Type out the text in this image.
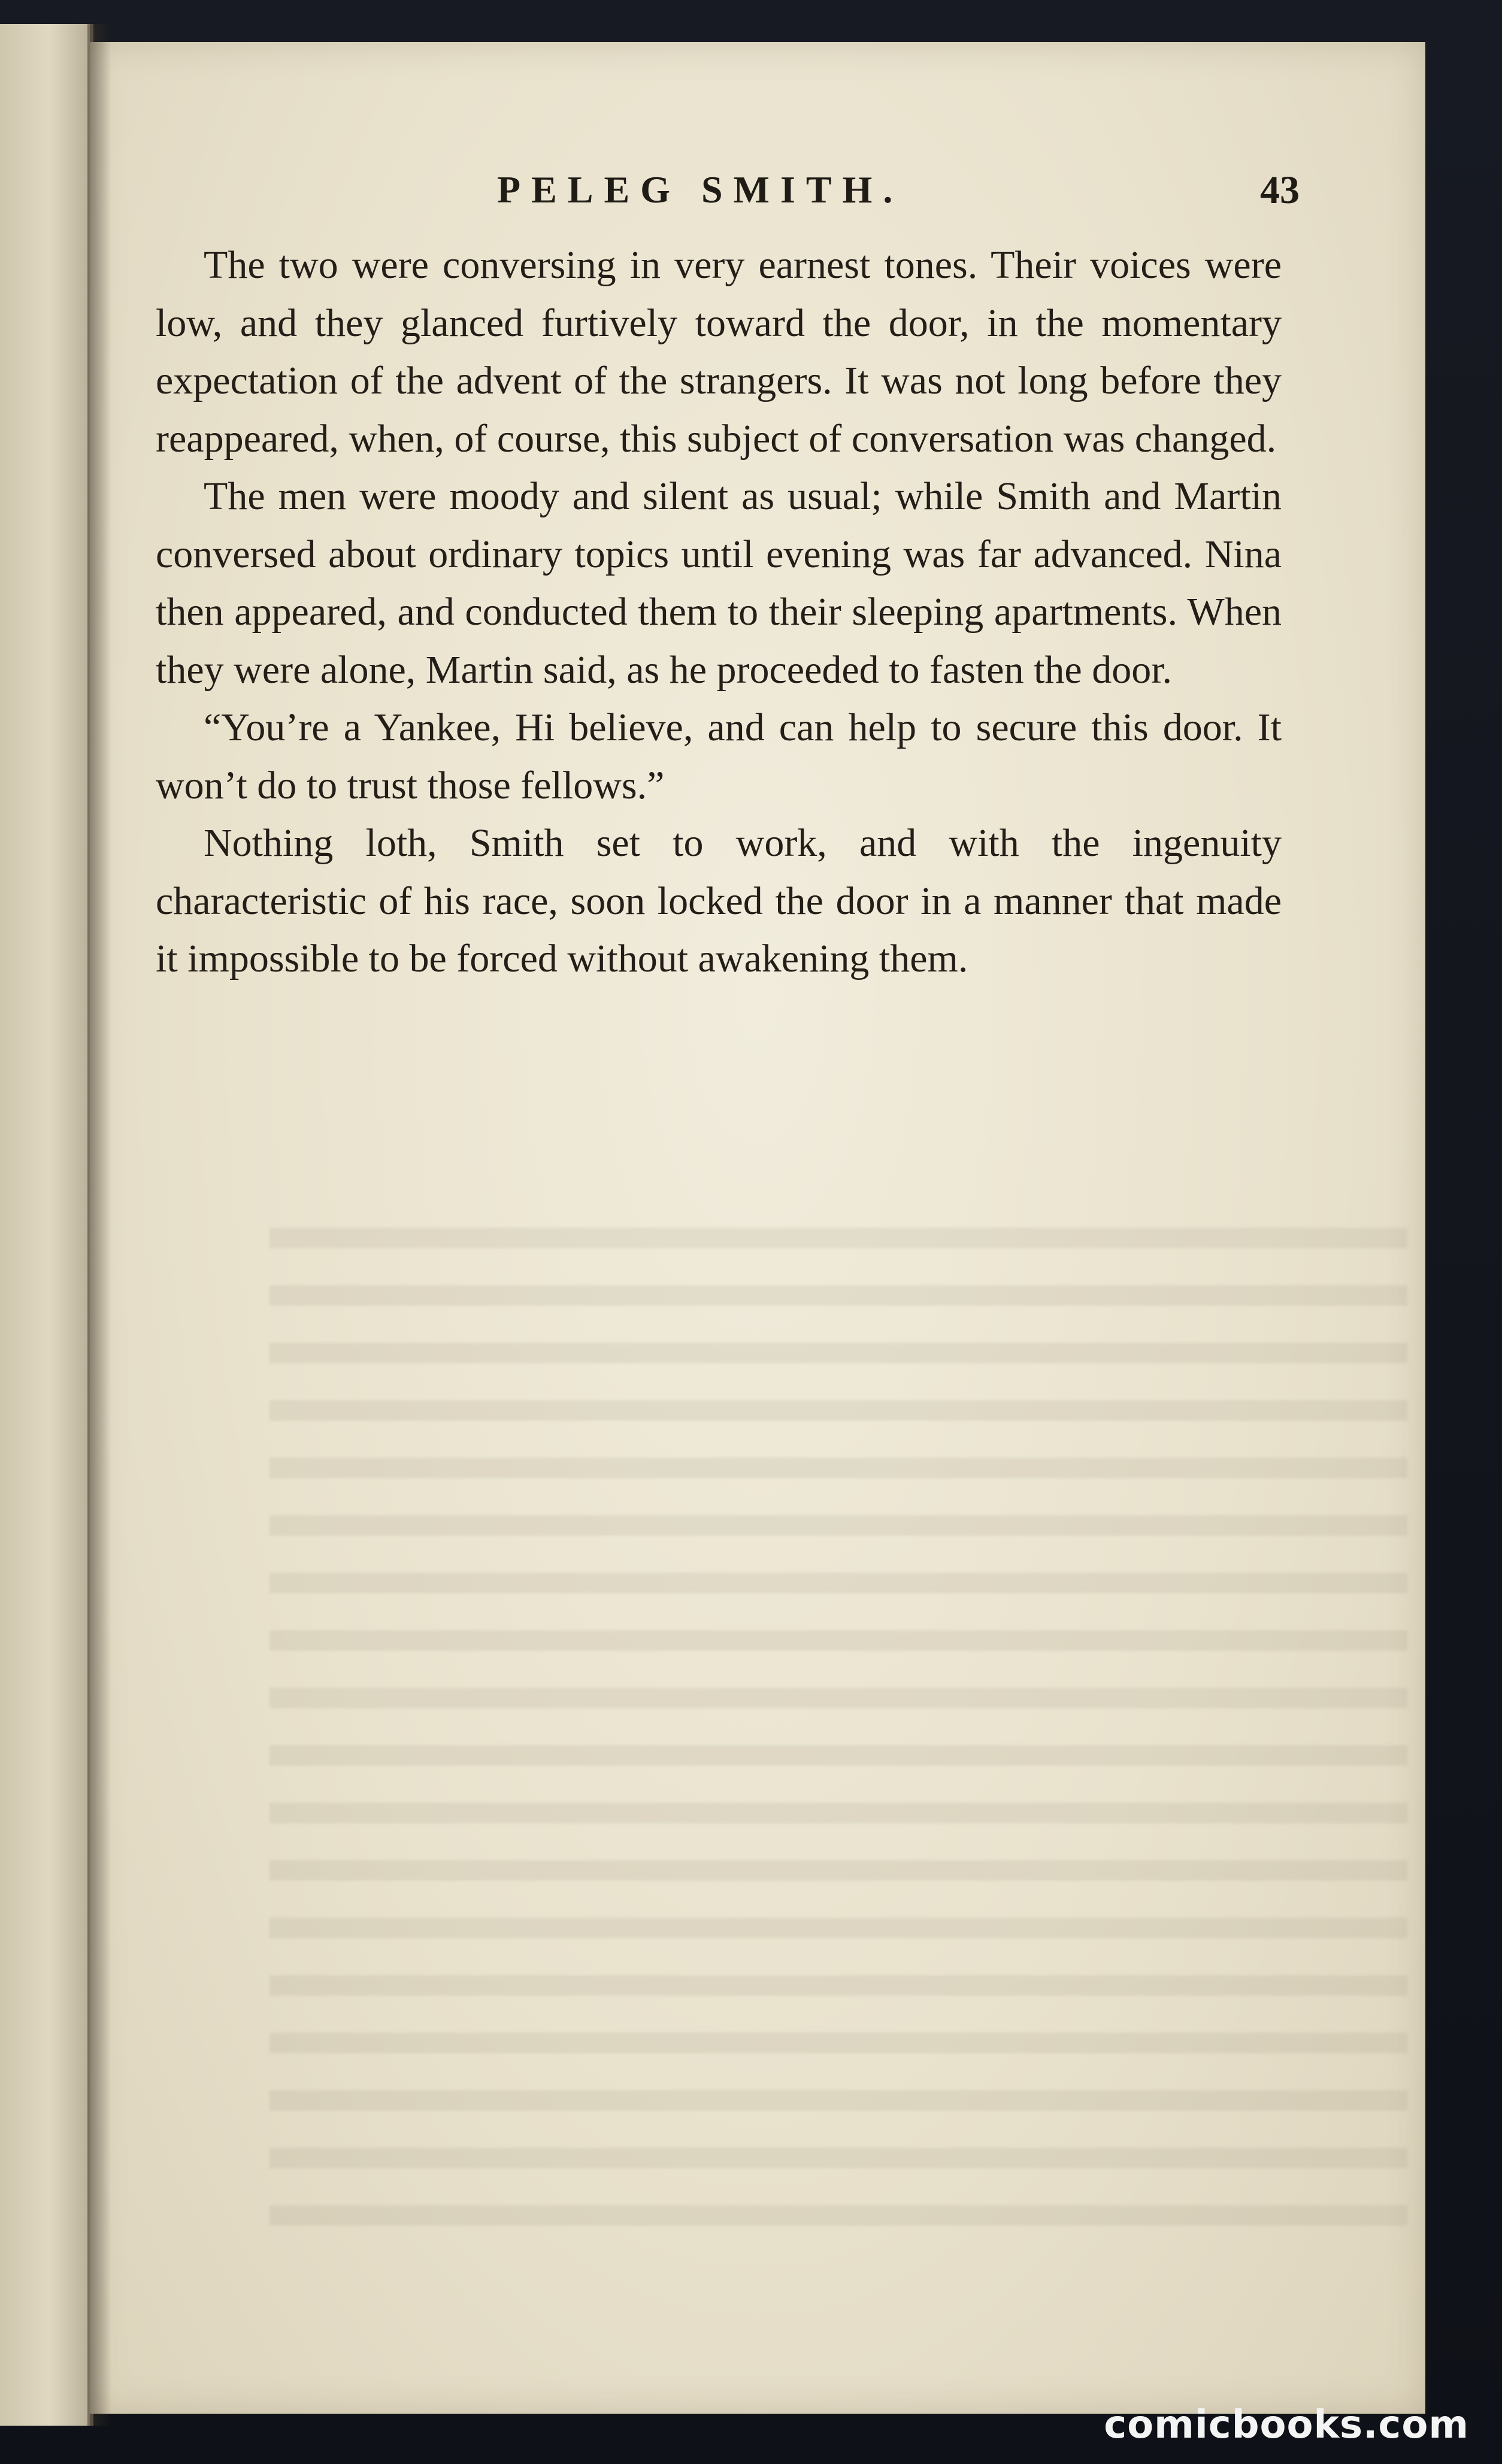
PELEG SMITH.	43

The two were conversing in very earnest tones. Their voices were low, and they glanced furtively toward the door, in the momentary expectation of the advent of the strangers. It was not long before they reappeared, when, of course, this subject of conversation was changed.

The men were moody and silent as usual; while Smith and Martin conversed about ordinary topics until evening was far advanced. Nina then appeared, and conducted them to their sleeping apartments. When they were alone, Martin said, as he proceeded to fasten the door.

“You’re a Yankee, Hi believe, and can help to secure this door. It won’t do to trust those fellows.”

Nothing loth, Smith set to work, and with the ingenuity characteristic of his race, soon locked the door in a manner that made it impossible to be forced without awakening them.

comicbooks.com
